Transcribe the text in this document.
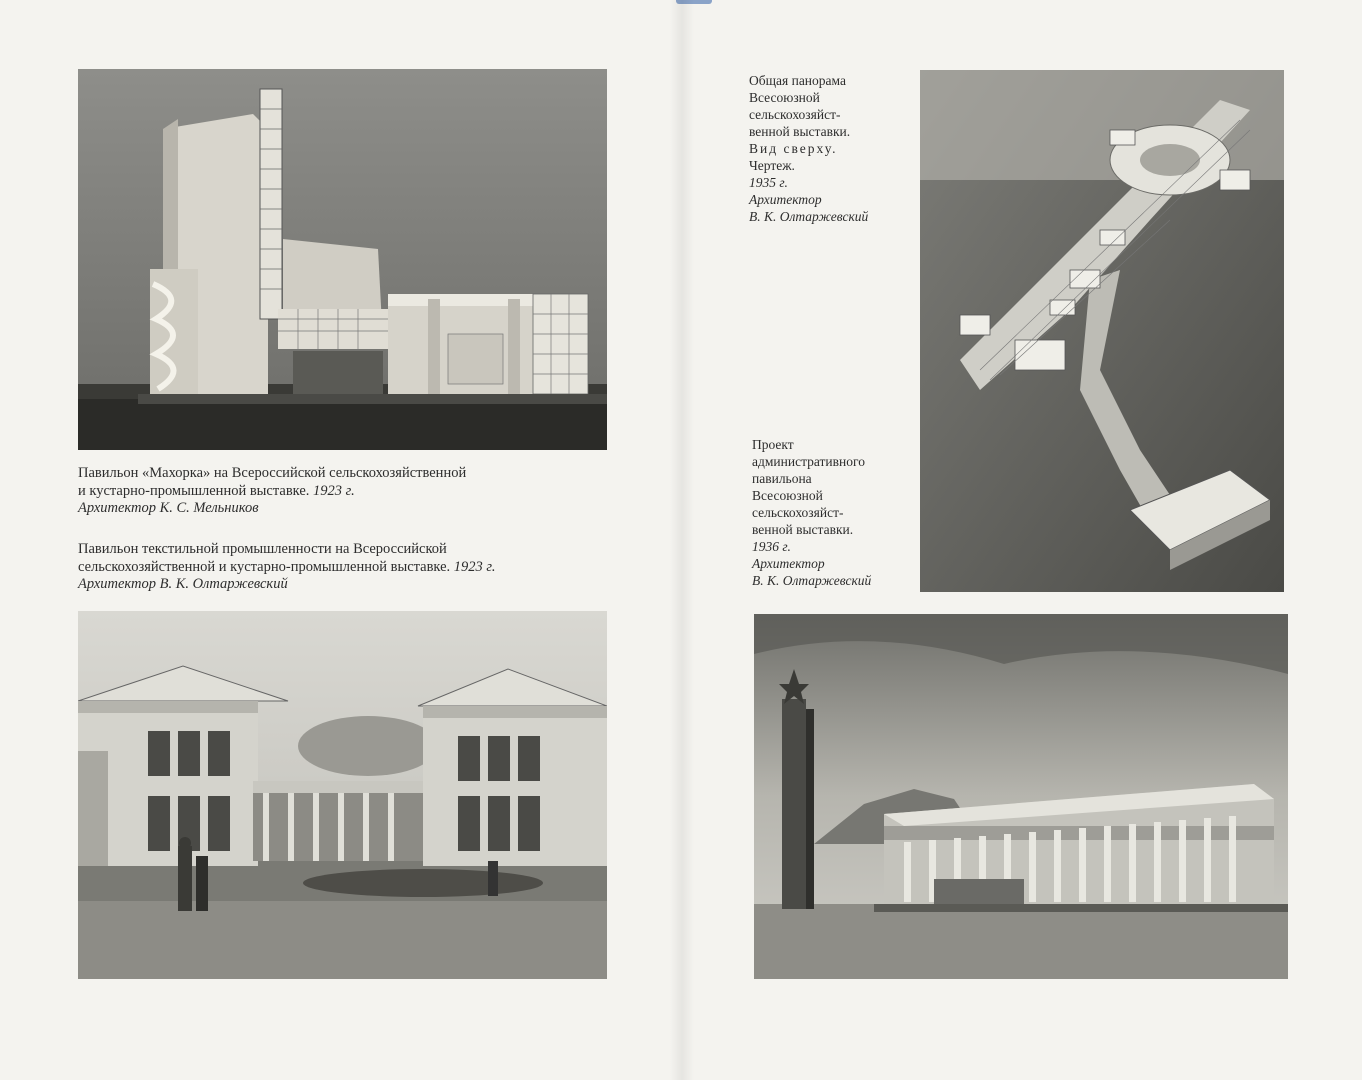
Павильон «Махорка» на Всероссийской сельскохозяйственной
и кустарно-промышленной выставке. 1923 г.
Архитектор К. С. Мельников
Павильон текстильной промышленности на Всероссийской
сельскохозяйственной и кустарно-промышленной выставке. 1923 г.
Архитектор В. К. Олтаржевский
Общая панорама
Всесоюзной
сельскохозяйст-
венной выставки.
Вид сверху.
Чертеж.
1935 г.
Архитектор
В. К. Олтаржевский
Проект
административного
павильона
Всесоюзной
сельскохозяйст-
венной выставки.
1936 г.
Архитектор
В. К. Олтаржевский
